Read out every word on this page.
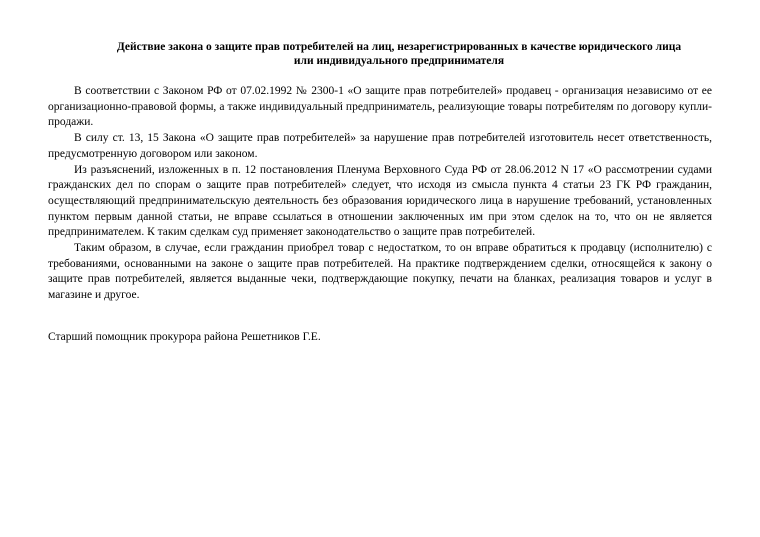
Действие закона о защите прав потребителей на лиц, незарегистрированных в качестве юридического лица
или индивидуального предпринимателя

В соответствии с Законом РФ от 07.02.1992 № 2300-1 «О защите прав потребителей» продавец - организация независимо от ее организационно-правовой формы, а также индивидуальный предприниматель, реализующие товары потребителям по договору купли-продажи.

В силу ст. 13, 15 Закона «О защите прав потребителей» за нарушение прав потребителей изготовитель несет ответственность, предусмотренную договором или законом.

Из разъяснений, изложенных в п. 12 постановления Пленума Верховного Суда РФ от 28.06.2012 N 17 «О рассмотрении судами гражданских дел по спорам о защите прав потребителей» следует, что исходя из смысла пункта 4 статьи 23 ГК РФ гражданин, осуществляющий предпринимательскую деятельность без образования юридического лица в нарушение требований, установленных пунктом первым данной статьи, не вправе ссылаться в отношении заключенных им при этом сделок на то, что он не является предпринимателем. К таким сделкам суд применяет законодательство о защите прав потребителей.

Таким образом, в случае, если гражданин приобрел товар с недостатком, то он вправе обратиться к продавцу (исполнителю) с требованиями, основанными на законе о защите прав потребителей. На практике подтверждением сделки, относящейся к закону о защите прав потребителей, является выданные чеки, подтверждающие покупку, печати на бланках, реализация товаров и услуг в магазине и другое.

Старший помощник прокурора района Решетников Г.Е.
